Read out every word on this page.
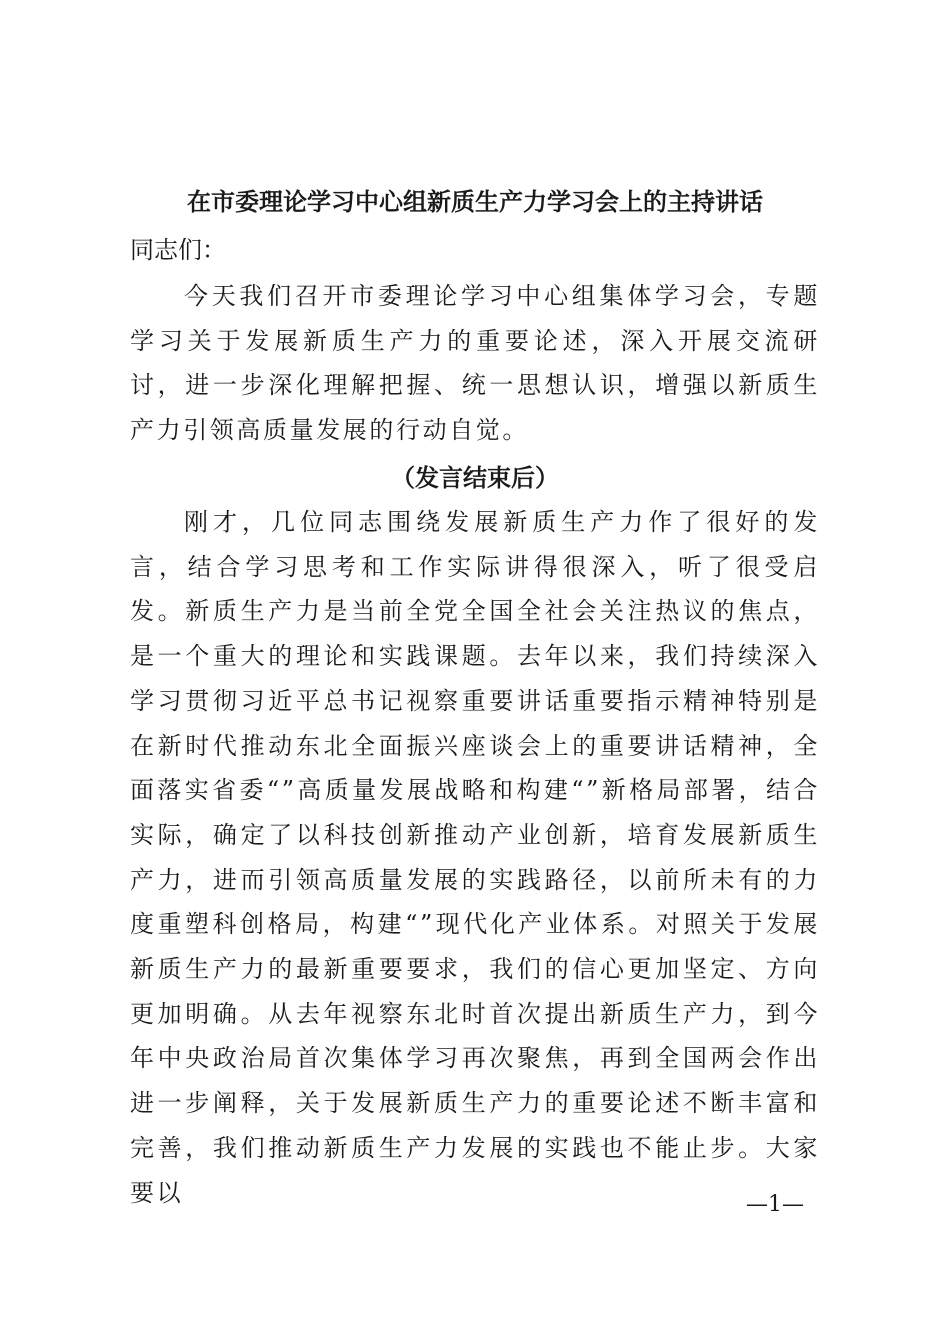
在市委理论学习中心组新质生产力学习会上的主持讲话
同志们：
今天我们召开市委理论学习中心组集体学习会，专题学习关于发展新质生产力的重要论述，深入开展交流研讨，进一步深化理解把握、统一思想认识，增强以新质生产力引领高质量发展的行动自觉。
（发言结束后）
刚才，几位同志围绕发展新质生产力作了很好的发言，结合学习思考和工作实际讲得很深入，听了很受启发。新质生产力是当前全党全国全社会关注热议的焦点，是一个重大的理论和实践课题。去年以来，我们持续深入学习贯彻习近平总书记视察重要讲话重要指示精神特别是在新时代推动东北全面振兴座谈会上的重要讲话精神，全面落实省委“”高质量发展战略和构建“”新格局部署，结合实际，确定了以科技创新推动产业创新，培育发展新质生产力，进而引领高质量发展的实践路径，以前所未有的力度重塑科创格局，构建“”现代化产业体系。对照关于发展新质生产力的最新重要要求，我们的信心更加坚定、方向更加明确。从去年视察东北时首次提出新质生产力，到今年中央政治局首次集体学习再次聚焦，再到全国两会作出进一步阐释，关于发展新质生产力的重要论述不断丰富和完善，我们推动新质生产力发展的实践也不能止步。大家要以	—1—
